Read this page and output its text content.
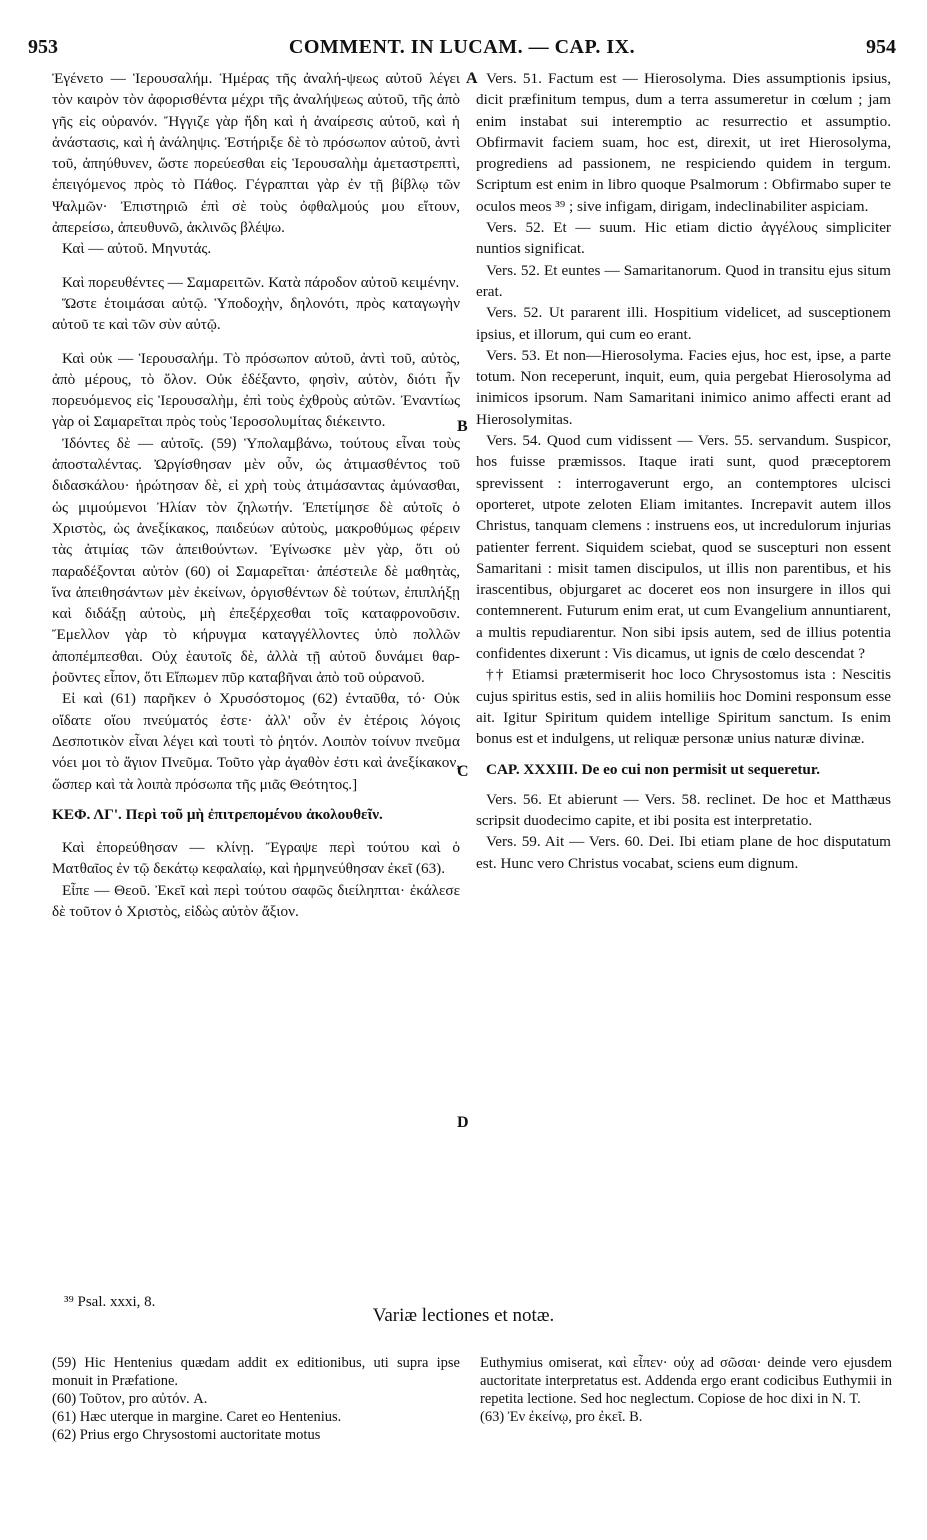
COMMENT. IN LUCAM. — CAP. IX.
953	954
A
B
C
D

Ἐγένετο — Ἱερουσαλήμ. Ἡμέρας τῆς ἀναλή-ψεως αὐτοῦ λέγει τὸν καιρὸν τὸν ἀφορισθέντα μέχρι τῆς ἀναλήψεως αὐτοῦ, τῆς ἀπὸ γῆς εἰς οὐρανόν. Ἤγγιζε γὰρ ἤδη καὶ ἡ ἀναίρεσις αὐτοῦ, καὶ ἡ ἀνάστασις, καὶ ἡ ἀνάληψις. Ἐστήριξε δὲ τὸ πρόσωπον αὐτοῦ, ἀντὶ τοῦ, ἀπηύθυνεν, ὥστε πορεύεσθαι εἰς Ἱερουσαλὴμ ἀμεταστρεπτὶ, ἐπειγόμενος πρὸς τὸ Πάθος. Γέγραπται γὰρ ἐν τῇ βίβλῳ τῶν Ψαλμῶν· Ἐπιστηριῶ ἐπὶ σὲ τοὺς ὀφθαλμούς μου εἴτουν, ἀπερείσω, ἀπευθυνῶ, ἀκλινῶς βλέψω.

Καὶ — αὐτοῦ. Μηνυτάς.

Καὶ πορευθέντες — Σαμαρειτῶν. Κατὰ πάροδον αὐτοῦ κειμένην.

Ὥστε ἑτοιμάσαι αὐτῷ. Ὑποδοχὴν, δηλονότι, πρὸς καταγωγὴν αὐτοῦ τε καὶ τῶν σὺν αὐτῷ.

Καὶ οὐκ — Ἱερουσαλήμ. Τὸ πρόσωπον αὐτοῦ, ἀντὶ τοῦ, αὐτὸς, ἀπὸ μέρους, τὸ ὅλον. Οὐκ ἐδέξαντο, φησὶν, αὐτὸν, διότι ἦν πορευόμενος εἰς Ἱερουσαλὴμ, ἐπὶ τοὺς ἐχθροὺς αὐτῶν. Ἐναντίως γὰρ οἱ Σαμαρεῖται πρὸς τοὺς Ἱεροσολυμίτας διέκειντο.

Ἰδόντες δὲ — αὐτοῖς. (59) Ὑπολαμβάνω, τούτους εἶναι τοὺς ἀποσταλέντας. Ὠργίσθησαν μὲν οὖν, ὡς ἀτιμασθέντος τοῦ διδασκάλου· ἠρώτησαν δὲ, εἰ χρὴ τοὺς ἀτιμάσαντας ἀμύνασθαι, ὡς μιμούμενοι Ἠλίαν τὸν ζηλωτήν. Ἐπετίμησε δὲ αὐτοῖς ὁ Χριστὸς, ὡς ἀνεξίκακος, παιδεύων αὐτοὺς, μακροθύμως φέρειν τὰς ἀτιμίας τῶν ἀπειθούντων. Ἐγίνωσκε μὲν γὰρ, ὅτι οὐ παραδέξονται αὐτὸν (60) οἱ Σαμαρεῖται· ἀπέστειλε δὲ μαθητὰς, ἵνα ἀπειθησάντων μὲν ἐκείνων, ὀργισθέντων δὲ τούτων, ἐπιπλήξῃ καὶ διδάξῃ αὐτοὺς, μὴ ἐπεξέρχεσθαι τοῖς καταφρονοῦσιν. Ἔμελλον γὰρ τὸ κήρυγμα καταγγέλλοντες ὑπὸ πολλῶν ἀποπέμπεσθαι. Οὐχ ἑαυτοῖς δὲ, ἀλλὰ τῇ αὐτοῦ δυνάμει θαρ-ῥοῦντες εἶπον, ὅτι Εἴπωμεν πῦρ καταβῆναι ἀπὸ τοῦ οὐρανοῦ.

Εἰ καὶ (61) παρῆκεν ὁ Χρυσόστομος (62) ἐνταῦθα, τό· Οὐκ οἴδατε οἵου πνεύματός ἐστε· ἀλλ' οὖν ἐν ἑτέροις λόγοις Δεσποτικὸν εἶναι λέγει καὶ τουτὶ τὸ ῥητόν. Λοιπὸν τοίνυν πνεῦμα νόει μοι τὸ ἅγιον Πνεῦμα. Τοῦτο γὰρ ἀγαθὸν ἐστι καὶ ἀνεξίκακον, ὥσπερ καὶ τὰ λοιπὰ πρόσωπα τῆς μιᾶς Θεότητος.]

ΚΕΦ. ΛΓ'. Περὶ τοῦ μὴ ἐπιτρεπομένου ἀκολουθεῖν.

Καὶ ἐπορεύθησαν — κλίνῃ. Ἔγραψε περὶ τούτου καὶ ὁ Ματθαῖος ἐν τῷ δεκάτῳ κεφαλαίῳ, καὶ ἡρμηνεύθησαν ἐκεῖ (63).

Εἶπε — Θεοῦ. Ἐκεῖ καὶ περὶ τούτου σαφῶς διείληπται· ἐκάλεσε δὲ τοῦτον ὁ Χριστὸς, εἰδὼς αὐτὸν ἄξιον.

Vers. 51. Factum est — Hierosolyma. Dies assumptionis ipsius, dicit præfinitum tempus, dum a terra assumeretur in cœlum ; jam enim instabat sui interemptio ac resurrectio et assumptio. Obfirmavit faciem suam, hoc est, direxit, ut iret Hierosolyma, progrediens ad passionem, ne respiciendo quidem in tergum. Scriptum est enim in libro quoque Psalmorum : Obfirmabo super te oculos meos ³⁹ ; sive infigam, dirigam, indeclinabiliter aspiciam.

Vers. 52. Et — suum. Hic etiam dictio ἀγγέλους simpliciter nuntios significat.

Vers. 52. Et euntes — Samaritanorum. Quod in transitu ejus situm erat.

Vers. 52. Ut pararent illi. Hospitium videlicet, ad susceptionem ipsius, et illorum, qui cum eo erant.

Vers. 53. Et non—Hierosolyma. Facies ejus, hoc est, ipse, a parte totum. Non receperunt, inquit, eum, quia pergebat Hierosolyma ad inimicos ipsorum. Nam Samaritani inimico animo affecti erant ad Hierosolymitas.

Vers. 54. Quod cum vidissent — Vers. 55. servandum. Suspicor, hos fuisse præmissos. Itaque irati sunt, quod præceptorem sprevissent : interrogaverunt ergo, an contemptores ulcisci oporteret, utpote zeloten Eliam imitantes. Increpavit autem illos Christus, tanquam clemens : instruens eos, ut incredulorum injurias patienter ferrent. Siquidem sciebat, quod se suscepturi non essent Samaritani : misit tamen discipulos, ut illis non parentibus, et his irascentibus, objurgaret ac doceret eos non insurgere in illos qui contemnerent. Futurum enim erat, ut cum Evangelium annuntiarent, a multis repudiarentur. Non sibi ipsis autem, sed de illius potentia confidentes dixerunt : Vis dicamus, ut ignis de cœlo descendat ?

†† Etiamsi prætermiserit hoc loco Chrysostomus ista : Nescitis cujus spiritus estis, sed in aliis homiliis hoc Domini responsum esse ait. Igitur Spiritum quidem intellige Spiritum sanctum. Is enim bonus est et indulgens, ut reliquæ personæ unius naturæ divinæ.

CAP. XXXIII. De eo cui non permisit ut sequeretur.

Vers. 56. Et abierunt — Vers. 58. reclinet. De hoc et Matthæus scripsit duodecimo capite, et ibi posita est interpretatio.

Vers. 59. Ait — Vers. 60. Dei. Ibi etiam plane de hoc disputatum est. Hunc vero Christus vocabat, sciens eum dignum.

³⁹ Psal. xxxi, 8.
Variæ lectiones et notæ.

(59) Hic Hentenius quædam addit ex editionibus, uti supra ipse monuit in Præfatione.

(60) Τοῦτον, pro αὐτόν. A.

(61) Hæc uterque in margine. Caret eo Hentenius.

(62) Prius ergo Chrysostomi auctoritate motus

Euthymius omiserat, καὶ εἶπεν· οὐχ ad σῶσαι· deinde vero ejusdem auctoritate interpretatus est. Addenda ergo erant codicibus Euthymii in repetita lectione. Sed hoc neglectum. Copiose de hoc dixi in N. T.

(63) Ἐν ἐκείνῳ, pro ἐκεῖ. B.
